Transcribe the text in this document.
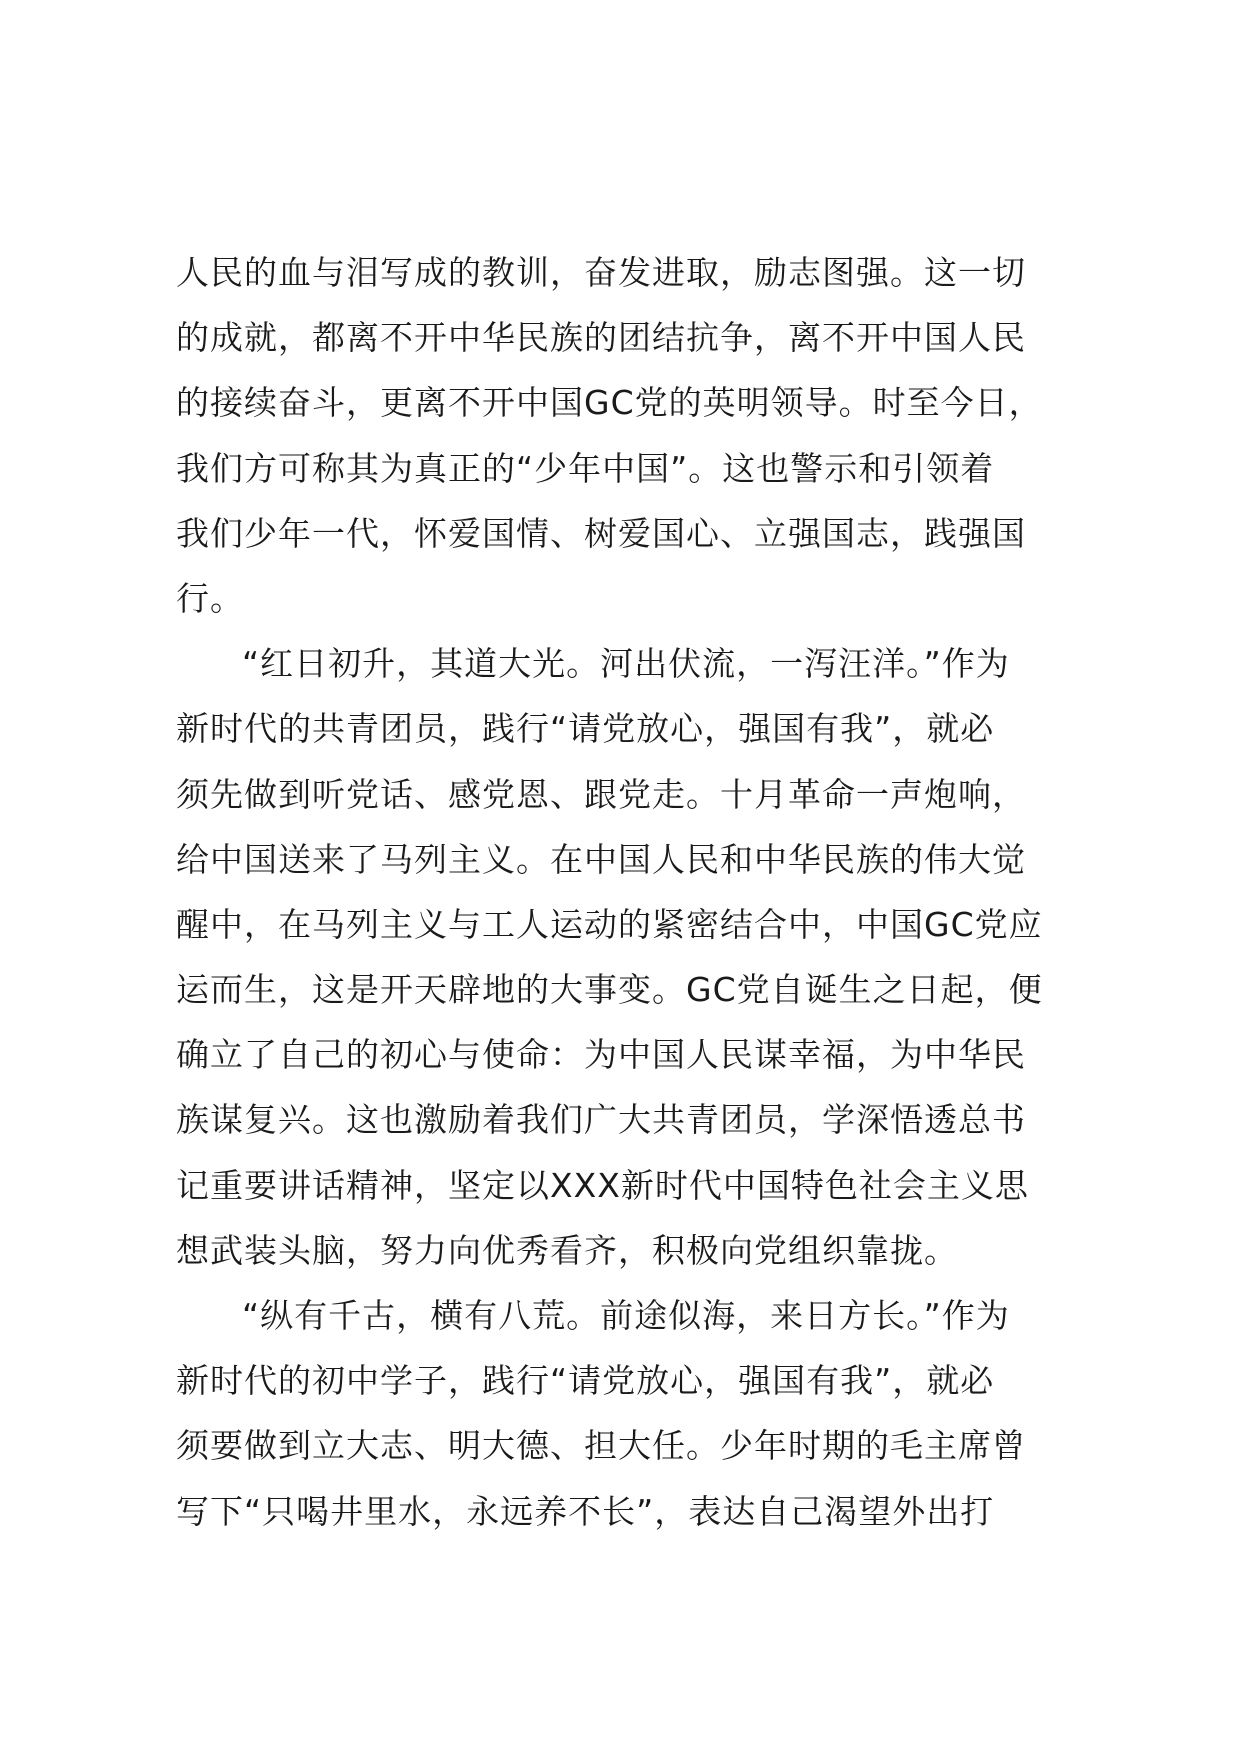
人民的血与泪写成的教训，奋发进取，励志图强。这一切
的成就，都离不开中华民族的团结抗争，离不开中国人民
的接续奋斗，更离不开中国GC党的英明领导。时至今日，
我们方可称其为真正的“少年中国”。这也警示和引领着
我们少年一代，怀爱国情、树爱国心、立强国志，践强国
行。
“红日初升，其道大光。河出伏流，一泻汪洋。”作为
新时代的共青团员，践行“请党放心，强国有我”，就必
须先做到听党话、感党恩、跟党走。十月革命一声炮响，
给中国送来了马列主义。在中国人民和中华民族的伟大觉
醒中，在马列主义与工人运动的紧密结合中，中国GC党应
运而生，这是开天辟地的大事变。GC党自诞生之日起，便
确立了自己的初心与使命：为中国人民谋幸福，为中华民
族谋复兴。这也激励着我们广大共青团员，学深悟透总书
记重要讲话精神，坚定以XXX新时代中国特色社会主义思
想武装头脑，努力向优秀看齐，积极向党组织靠拢。
“纵有千古，横有八荒。前途似海，来日方长。”作为
新时代的初中学子，践行“请党放心，强国有我”，就必
须要做到立大志、明大德、担大任。少年时期的毛主席曾
写下“只喝井里水，永远养不长”，表达自己渴望外出打
